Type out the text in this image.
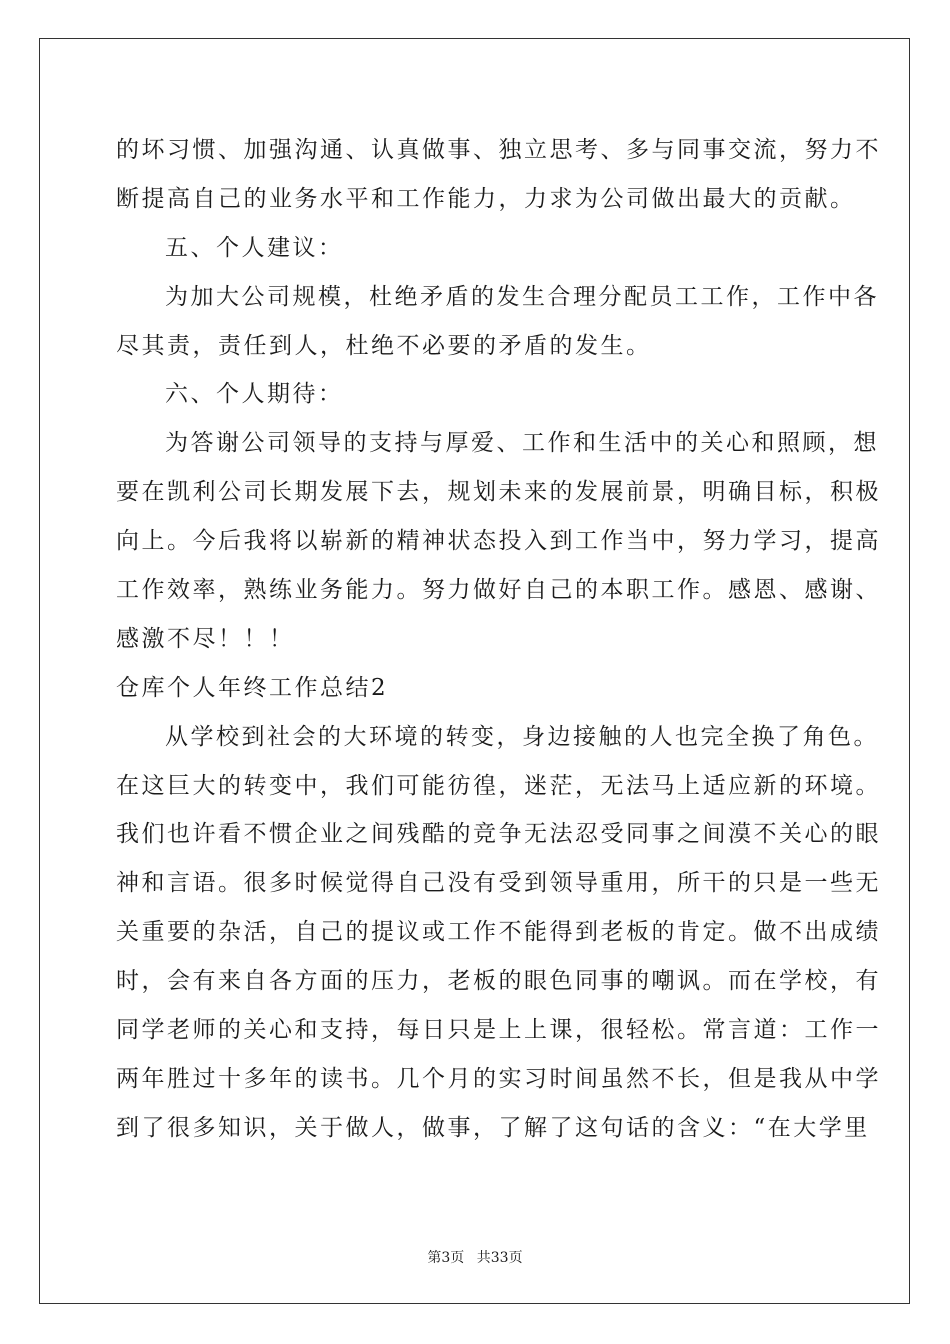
的坏习惯、加强沟通、认真做事、独立思考、多与同事交流，努力不
断提高自己的业务水平和工作能力，力求为公司做出最大的贡献。
五、个人建议：
为加大公司规模，杜绝矛盾的发生合理分配员工工作，工作中各
尽其责，责任到人，杜绝不必要的矛盾的发生。
六、个人期待：
为答谢公司领导的支持与厚爱、工作和生活中的关心和照顾，想
要在凯利公司长期发展下去，规划未来的发展前景，明确目标，积极
向上。今后我将以崭新的精神状态投入到工作当中，努力学习，提高
工作效率，熟练业务能力。努力做好自己的本职工作。感恩、感谢、
感激不尽！！！
仓库个人年终工作总结2
从学校到社会的大环境的转变，身边接触的人也完全换了角色。
在这巨大的转变中，我们可能彷徨，迷茫，无法马上适应新的环境。
我们也许看不惯企业之间残酷的竞争无法忍受同事之间漠不关心的眼
神和言语。很多时候觉得自己没有受到领导重用，所干的只是一些无
关重要的杂活，自己的提议或工作不能得到老板的肯定。做不出成绩
时，会有来自各方面的压力，老板的眼色同事的嘲讽。而在学校，有
同学老师的关心和支持，每日只是上上课，很轻松。常言道：工作一
两年胜过十多年的读书。几个月的实习时间虽然不长，但是我从中学
到了很多知识，关于做人，做事，了解了这句话的含义：“在大学里
第3页 共33页
